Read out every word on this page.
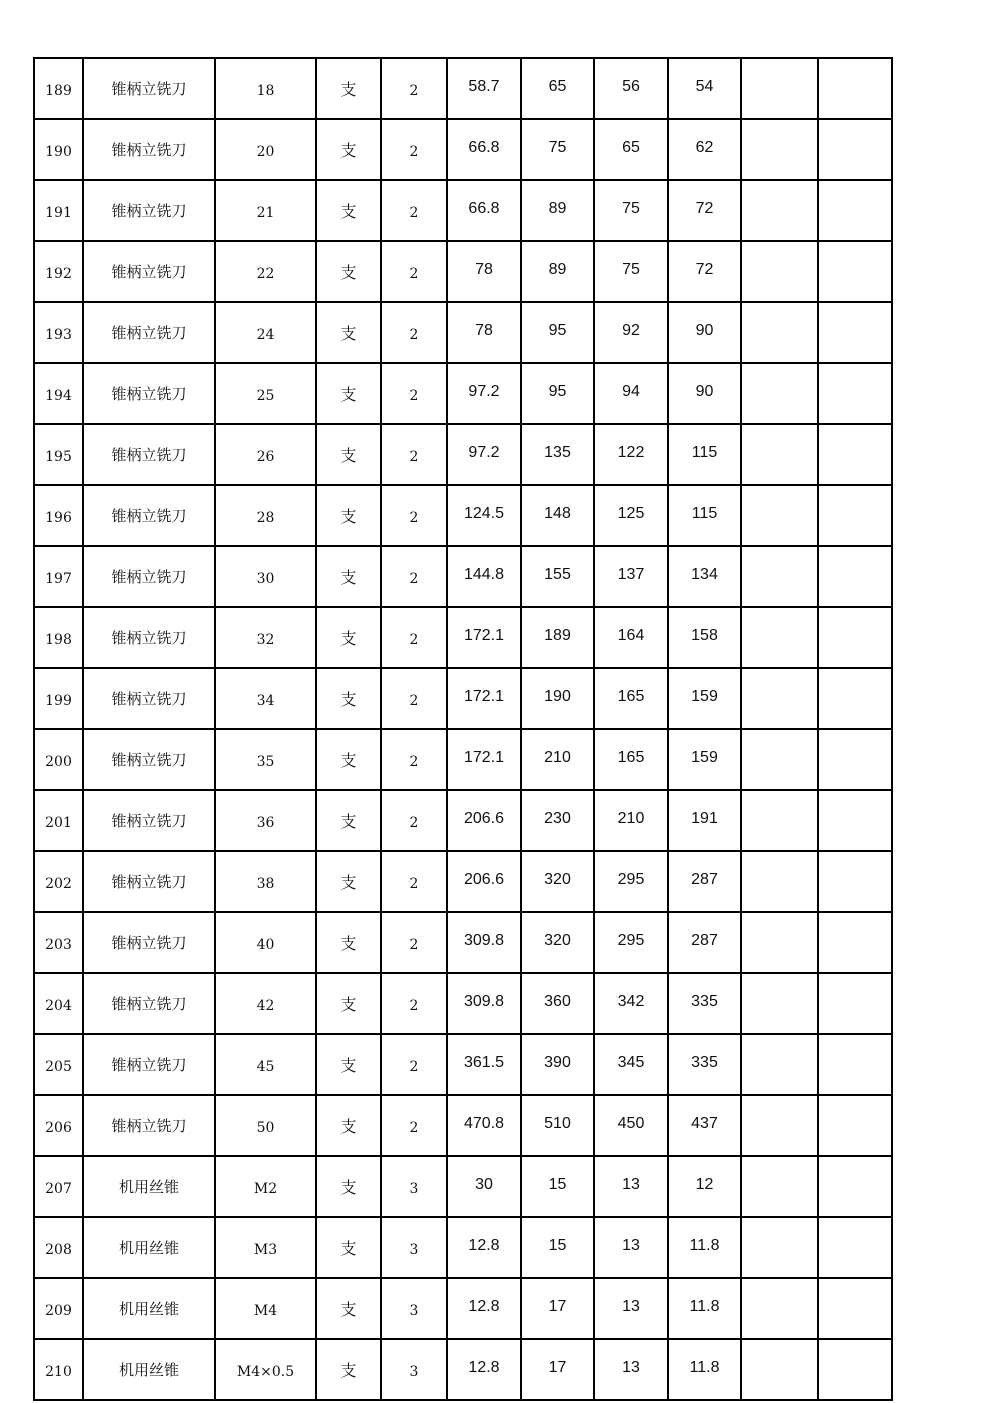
189	锥柄立铣刀	18	支	2	58.7	65	56	54		
190	锥柄立铣刀	20	支	2	66.8	75	65	62		
191	锥柄立铣刀	21	支	2	66.8	89	75	72		
192	锥柄立铣刀	22	支	2	78	89	75	72		
193	锥柄立铣刀	24	支	2	78	95	92	90		
194	锥柄立铣刀	25	支	2	97.2	95	94	90		
195	锥柄立铣刀	26	支	2	97.2	135	122	115		
196	锥柄立铣刀	28	支	2	124.5	148	125	115		
197	锥柄立铣刀	30	支	2	144.8	155	137	134		
198	锥柄立铣刀	32	支	2	172.1	189	164	158		
199	锥柄立铣刀	34	支	2	172.1	190	165	159		
200	锥柄立铣刀	35	支	2	172.1	210	165	159		
201	锥柄立铣刀	36	支	2	206.6	230	210	191		
202	锥柄立铣刀	38	支	2	206.6	320	295	287		
203	锥柄立铣刀	40	支	2	309.8	320	295	287		
204	锥柄立铣刀	42	支	2	309.8	360	342	335		
205	锥柄立铣刀	45	支	2	361.5	390	345	335		
206	锥柄立铣刀	50	支	2	470.8	510	450	437		
207	机用丝锥	M2	支	3	30	15	13	12		
208	机用丝锥	M3	支	3	12.8	15	13	11.8		
209	机用丝锥	M4	支	3	12.8	17	13	11.8		
210	机用丝锥	M4×0.5	支	3	12.8	17	13	11.8		
